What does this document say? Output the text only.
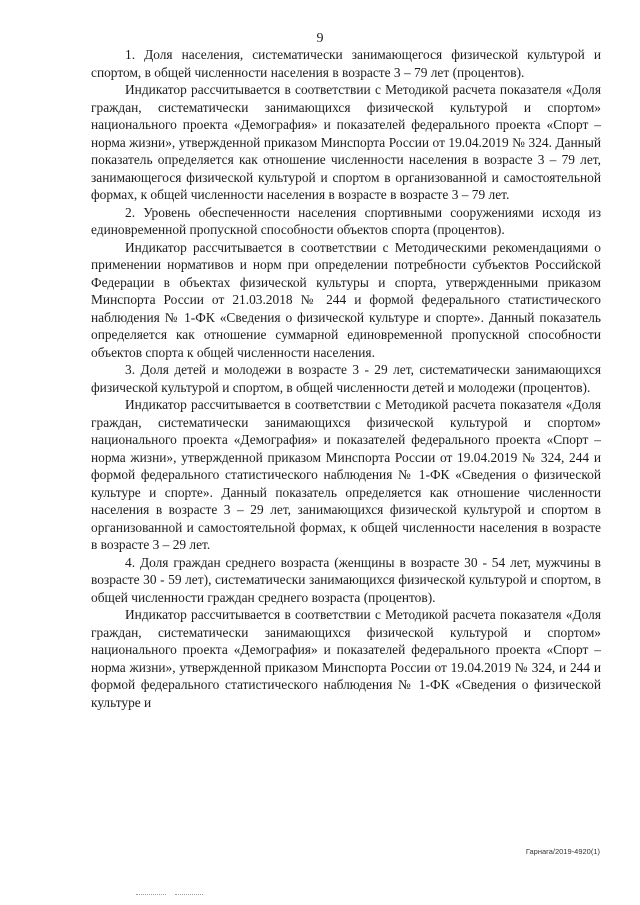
9

1. Доля населения, систематически занимающегося физической культурой и спортом, в общей численности населения в возрасте 3 – 79 лет (процентов).

Индикатор рассчитывается в соответствии с Методикой расчета показателя «Доля граждан, систематически занимающихся физической культурой и спортом» национального проекта «Демография» и показателей федерального проекта «Спорт – норма жизни», утвержденной приказом Минспорта России от 19.04.2019 № 324. Данный показатель определяется как отношение численности населения в возрасте 3 – 79 лет, занимающегося физической культурой и спортом в организованной и самостоятельной формах, к общей численности населения в возрасте в возрасте 3 – 79 лет.

2. Уровень обеспеченности населения спортивными сооружениями исходя из единовременной пропускной способности объектов спорта (процентов).

Индикатор рассчитывается в соответствии с Методическими рекомендациями о применении нормативов и норм при определении потребности субъектов Российской Федерации в объектах физической культуры и спорта, утвержденными приказом Минспорта России от 21.03.2018 № 244 и формой федерального статистического наблюдения № 1-ФК «Сведения о физической культуре и спорте». Данный показатель определяется как отношение суммарной единовременной пропускной способности объектов спорта к общей численности населения.

3. Доля детей и молодежи в возрасте 3 - 29 лет, систематически занимающихся физической культурой и спортом, в общей численности детей и молодежи (процентов).

Индикатор рассчитывается в соответствии с Методикой расчета показателя «Доля граждан, систематически занимающихся физической культурой и спортом» национального проекта «Демография» и показателей федерального проекта «Спорт – норма жизни», утвержденной приказом Минспорта России от 19.04.2019 № 324, 244 и формой федерального статистического наблюдения № 1-ФК «Сведения о физической культуре и спорте». Данный показатель определяется как отношение численности населения в возрасте 3 – 29 лет, занимающихся физической культурой и спортом в организованной и самостоятельной формах, к общей численности населения в возрасте в возрасте 3 – 29 лет.

4. Доля граждан среднего возраста (женщины в возрасте 30 - 54 лет, мужчины в возрасте 30 - 59 лет), систематически занимающихся физической культурой и спортом, в общей численности граждан среднего возраста (процентов).

Индикатор рассчитывается в соответствии с Методикой расчета показателя «Доля граждан, систематически занимающихся физической культурой и спортом» национального проекта «Демография» и показателей федерального проекта «Спорт – норма жизни», утвержденной приказом Минспорта России от 19.04.2019 № 324, и 244 и формой федерального статистического наблюдения № 1-ФК «Сведения о физической культуре и

Гарнага/2019-4920(1)
